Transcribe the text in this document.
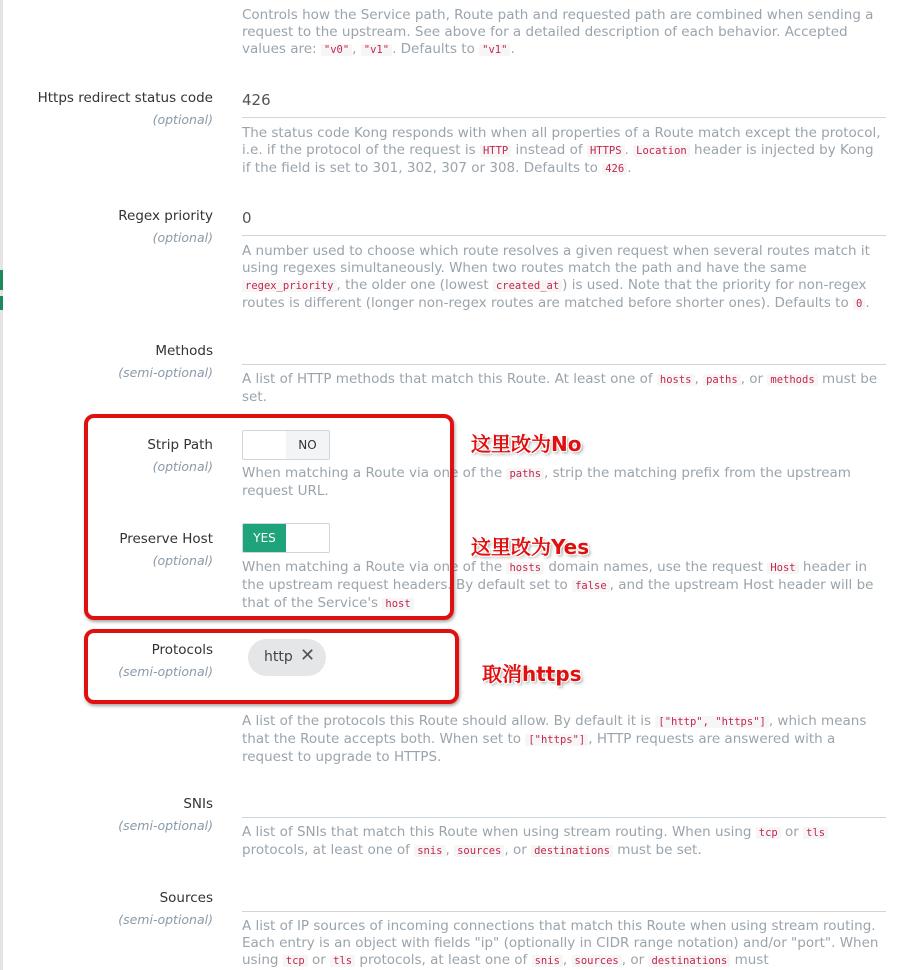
Controls how the Service path, Route path and requested path are combined when sending a request to the upstream. See above for a detailed description of each behavior. Accepted values are: "v0" , "v1" . Defaults to "v1" .
Https redirect status code
(optional)
426
The status code Kong responds with when all properties of a Route match except the protocol, i.e. if the protocol of the request is HTTP instead of HTTPS . Location header is injected by Kong if the field is set to 301, 302, 307 or 308. Defaults to 426 .
Regex priority
(optional)
0
A number used to choose which route resolves a given request when several routes match it using regexes simultaneously. When two routes match the path and have the same regex_priority , the older one (lowest created_at ) is used. Note that the priority for non-regex routes is different (longer non-regex routes are matched before shorter ones). Defaults to 0 .
Methods
(semi-optional) A list of HTTP methods that match this Route. At least one of hosts , paths , or methods must be set.
Strip Path
(optional)
NO
When matching a Route via one of the paths , strip the matching prefix from the upstream request URL.
Preserve Host
(optional)
YES
When matching a Route via one of the hosts domain names, use the request Host header in the upstream request headers. By default set to false , and the upstream Host header will be that of the Service's host
Protocols
(semi-optional)
http ✕
A list of the protocols this Route should allow. By default it is ["http", "https"] , which means that the Route accepts both. When set to ["https"] , HTTP requests are answered with a request to upgrade to HTTPS.
SNIs
(semi-optional) A list of SNIs that match this Route when using stream routing. When using tcp or tls protocols, at least one of snis , sources , or destinations must be set.
Sources
(semi-optional) A list of IP sources of incoming connections that match this Route when using stream routing. Each entry is an object with fields "ip" (optionally in CIDR range notation) and/or "port". When using tcp or tls protocols, at least one of snis , sources , or destinations must
这里改为No
这里改为Yes
取消https
